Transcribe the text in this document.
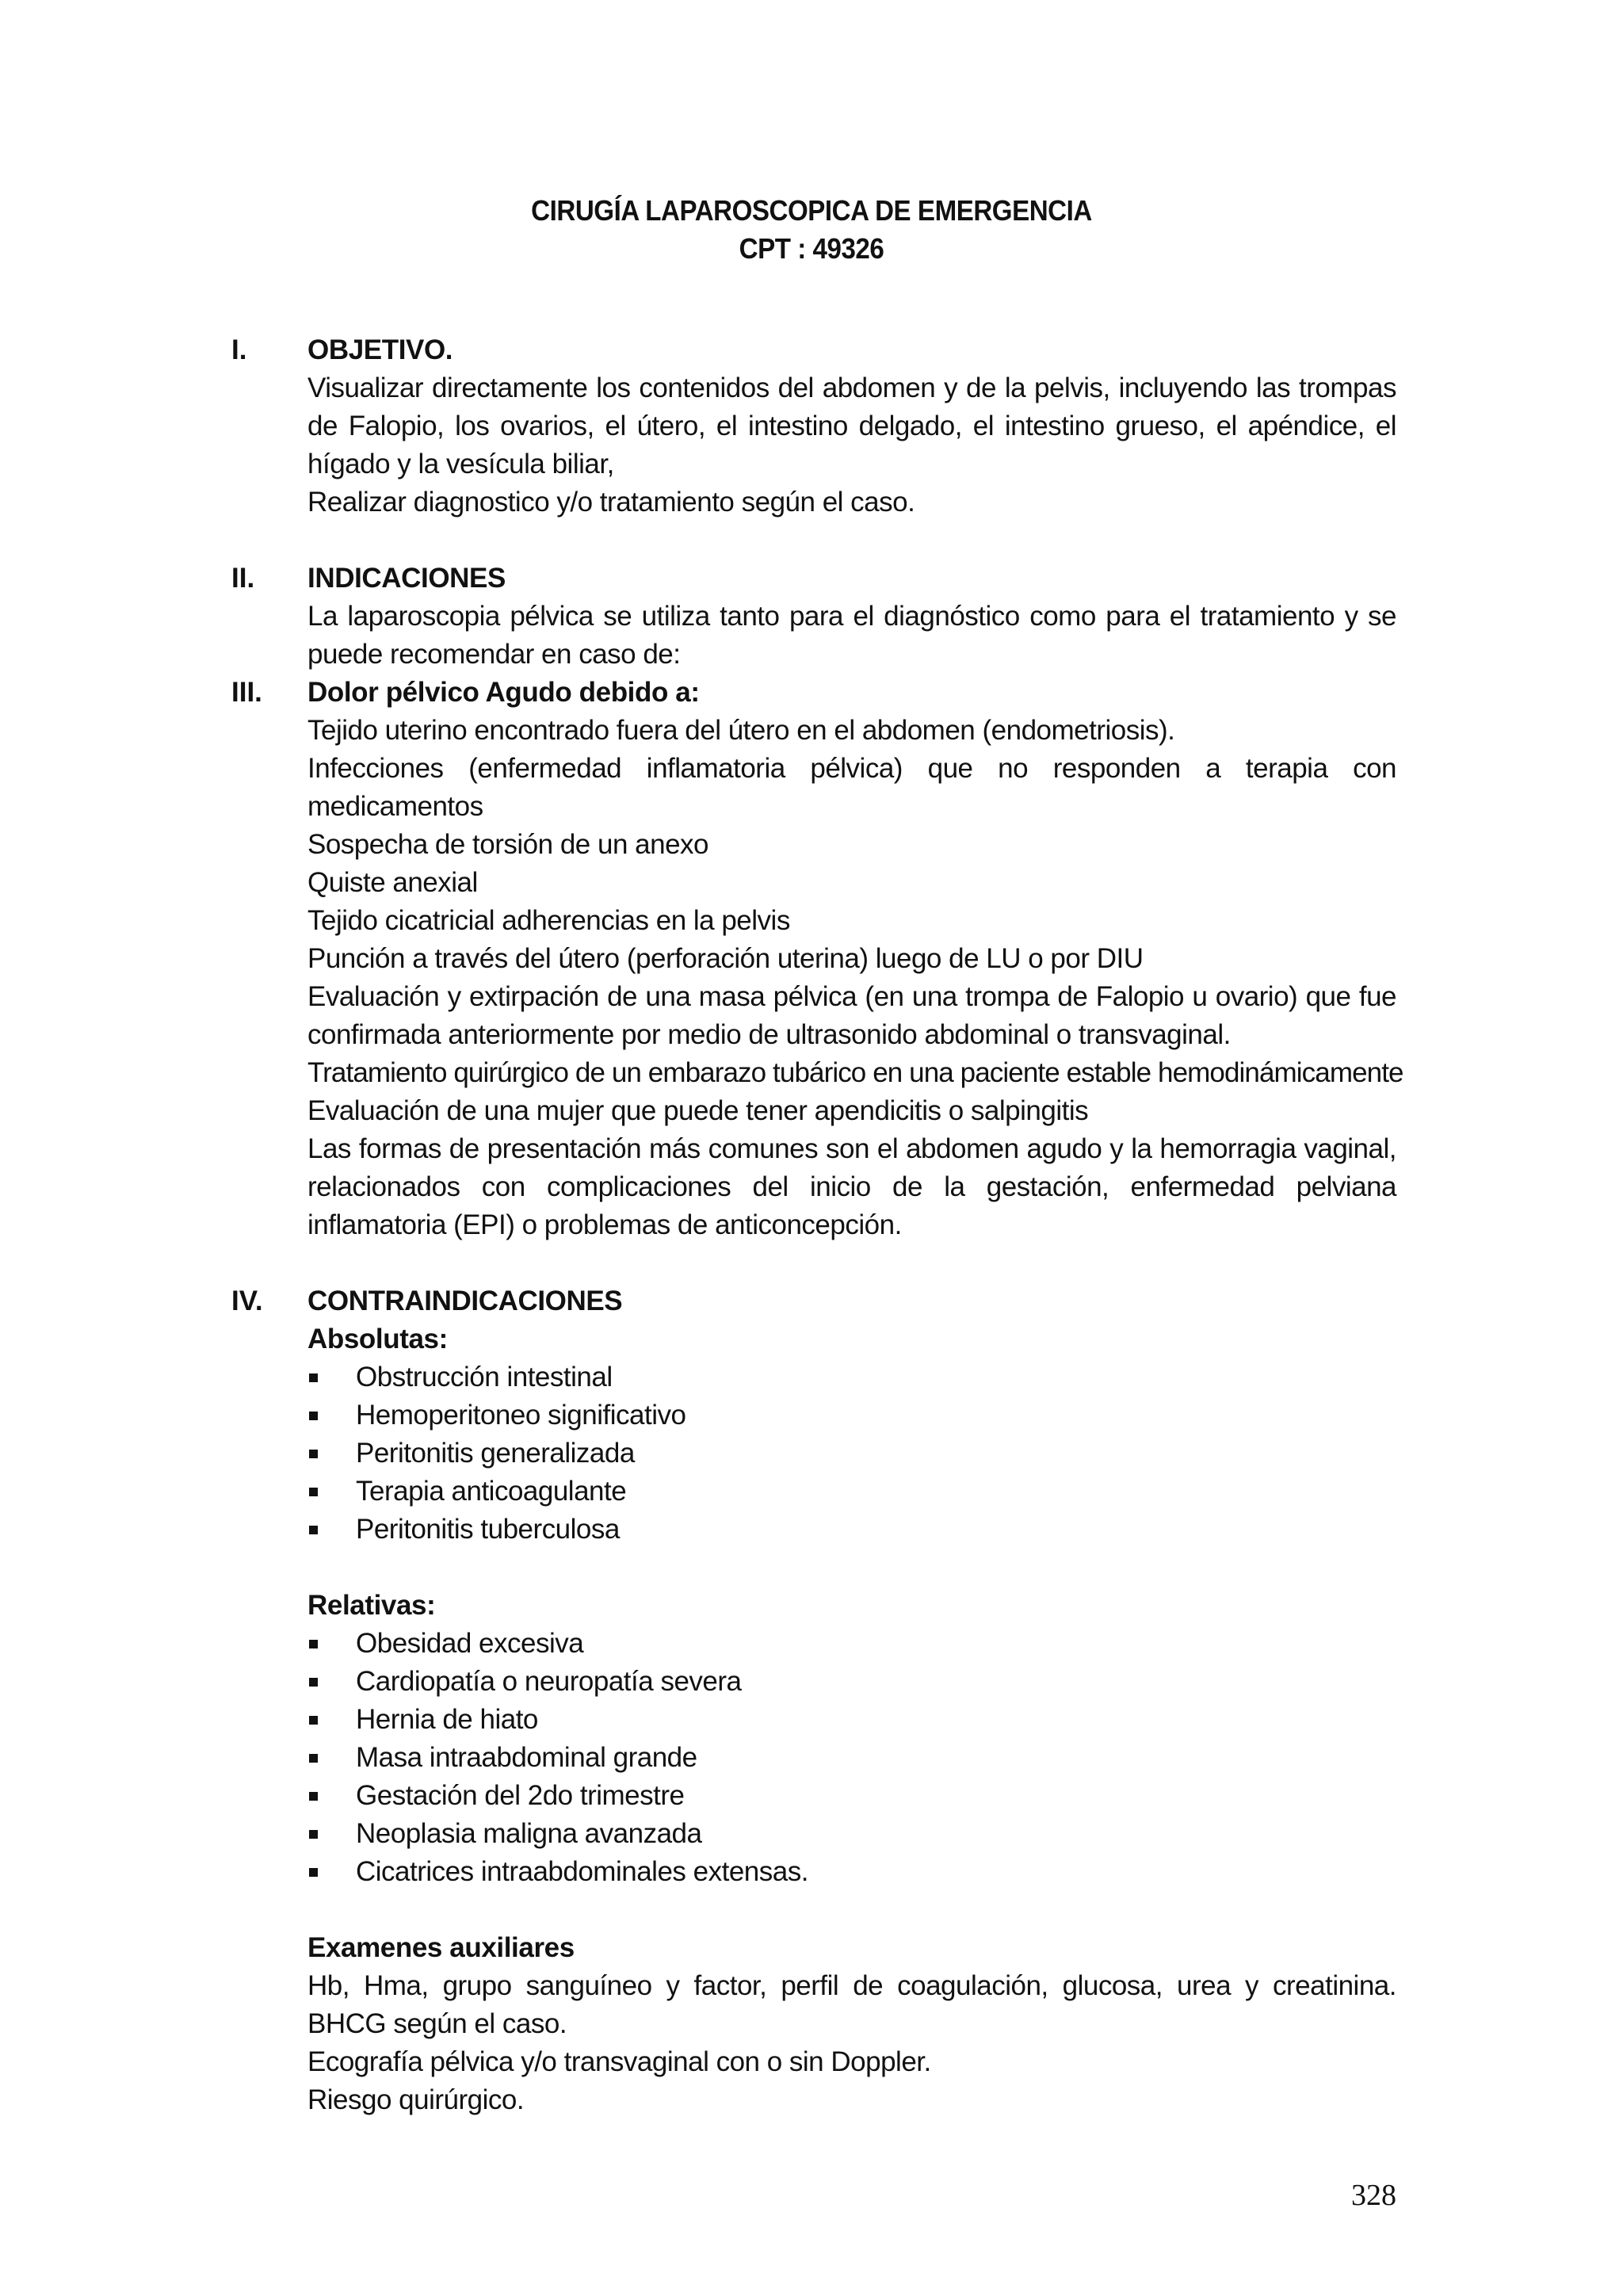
CIRUGÍA LAPAROSCOPICA DE EMERGENCIA
CPT : 49326
I. OBJETIVO.

Visualizar directamente los contenidos del abdomen y de la pelvis, incluyendo las trompas de Falopio, los ovarios, el útero, el intestino delgado, el intestino grueso, el apéndice, el hígado y la vesícula biliar,

Realizar diagnostico y/o tratamiento según el caso.

II. INDICACIONES

La laparoscopia pélvica se utiliza tanto para el diagnóstico como para el tratamiento y se puede recomendar en caso de:

III. Dolor pélvico Agudo debido a:

Tejido uterino encontrado fuera del útero en el abdomen (endometriosis).

Infecciones (enfermedad inflamatoria pélvica) que no responden a terapia con medicamentos

Sospecha de torsión de un anexo

Quiste anexial

Tejido cicatricial adherencias en la pelvis

Punción a través del útero (perforación uterina) luego de LU o por DIU

Evaluación y extirpación de una masa pélvica (en una trompa de Falopio u ovario) que fue confirmada anteriormente por medio de ultrasonido abdominal o transvaginal.

Tratamiento quirúrgico de un embarazo tubárico en una paciente estable hemodinámicamente

Evaluación de una mujer que puede tener apendicitis o salpingitis

Las formas de presentación más comunes son el abdomen agudo y la hemorragia vaginal, relacionados con complicaciones del inicio de la gestación, enfermedad pelviana inflamatoria (EPI) o problemas de anticoncepción.

IV. CONTRAINDICACIONES
Absolutas:
Obstrucción intestinal
Hemoperitoneo significativo
Peritonitis generalizada
Terapia anticoagulante
Peritonitis tuberculosa
Relativas:
Obesidad excesiva
Cardiopatía o neuropatía severa
Hernia de hiato
Masa intraabdominal grande
Gestación del 2do trimestre
Neoplasia maligna avanzada
Cicatrices intraabdominales extensas.
Examenes auxiliares

Hb, Hma, grupo sanguíneo y factor, perfil de coagulación, glucosa, urea y creatinina. BHCG según el caso.

Ecografía pélvica y/o transvaginal con o sin Doppler.

Riesgo quirúrgico.

328
